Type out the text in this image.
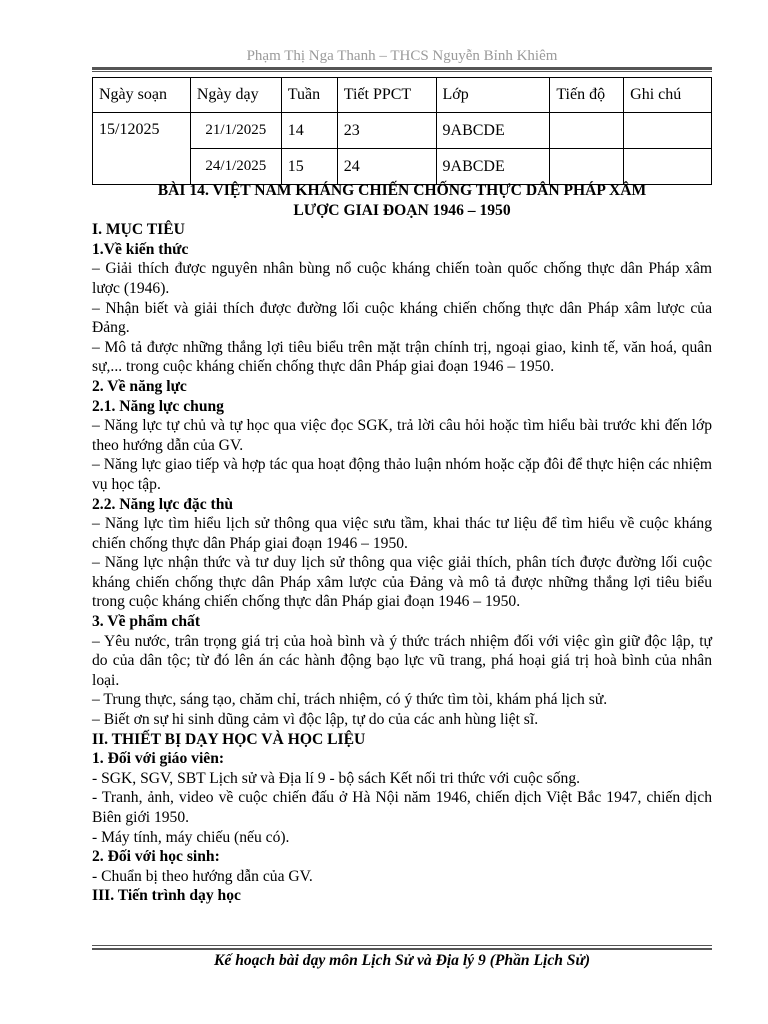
Phạm Thị Nga Thanh – THCS Nguyễn Bỉnh Khiêm
Ngày soạn	Ngày dạy	Tuần	Tiết PPCT	Lớp	Tiến độ	Ghi chú
15/12025	21/1/2025	14	23	9ABCDE		
	24/1/2025	15	24	9ABCDE		

BÀI 14. VIỆT NAM KHÁNG CHIẾN CHỐNG THỰC DÂN PHÁP XÂM

LƯỢC GIAI ĐOẠN 1946 – 1950

I. MỤC TIÊU

1.Về kiến thức

– Giải thích được nguyên nhân bùng nổ cuộc kháng chiến toàn quốc chống thực dân Pháp xâm lược (1946).

– Nhận biết và giải thích được đường lối cuộc kháng chiến chống thực dân Pháp xâm lược của Đảng.

– Mô tả được những thắng lợi tiêu biểu trên mặt trận chính trị, ngoại giao, kinh tế, văn hoá, quân sự,... trong cuộc kháng chiến chống thực dân Pháp giai đoạn 1946 – 1950.

2. Về năng lực

2.1. Năng lực chung

– Năng lực tự chủ và tự học qua việc đọc SGK, trả lời câu hỏi hoặc tìm hiểu bài trước khi đến lớp theo hướng dẫn của GV.

– Năng lực giao tiếp và hợp tác qua hoạt động thảo luận nhóm hoặc cặp đôi để thực hiện các nhiệm vụ học tập.

2.2. Năng lực đặc thù

– Năng lực tìm hiểu lịch sử thông qua việc sưu tầm, khai thác tư liệu để tìm hiểu về cuộc kháng chiến chống thực dân Pháp giai đoạn 1946 – 1950.

– Năng lực nhận thức và tư duy lịch sử thông qua việc giải thích, phân tích được đường lối cuộc kháng chiến chống thực dân Pháp xâm lược của Đảng và mô tả được những thắng lợi tiêu biểu trong cuộc kháng chiến chống thực dân Pháp giai đoạn 1946 – 1950.

3. Về phẩm chất

– Yêu nước, trân trọng giá trị của hoà bình và ý thức trách nhiệm đối với việc gìn giữ độc lập, tự do của dân tộc; từ đó lên án các hành động bạo lực vũ trang, phá hoại giá trị hoà bình của nhân loại.

– Trung thực, sáng tạo, chăm chỉ, trách nhiệm, có ý thức tìm tòi, khám phá lịch sử.

– Biết ơn sự hi sinh dũng cảm vì độc lập, tự do của các anh hùng liệt sĩ.

II. THIẾT BỊ DẠY HỌC VÀ HỌC LIỆU

1. Đối với giáo viên:

- SGK, SGV, SBT Lịch sử và Địa lí 9 - bộ sách Kết nối tri thức với cuộc sống.

- Tranh, ảnh, video về cuộc chiến đấu ở Hà Nội năm 1946, chiến dịch Việt Bắc 1947, chiến dịch Biên giới 1950.

- Máy tính, máy chiếu (nếu có).

2. Đối với học sinh:

- Chuẩn bị theo hướng dẫn của GV.

III. Tiến trình dạy học

Kế hoạch bài dạy môn Lịch Sử và Địa lý 9 (Phần Lịch Sử)
